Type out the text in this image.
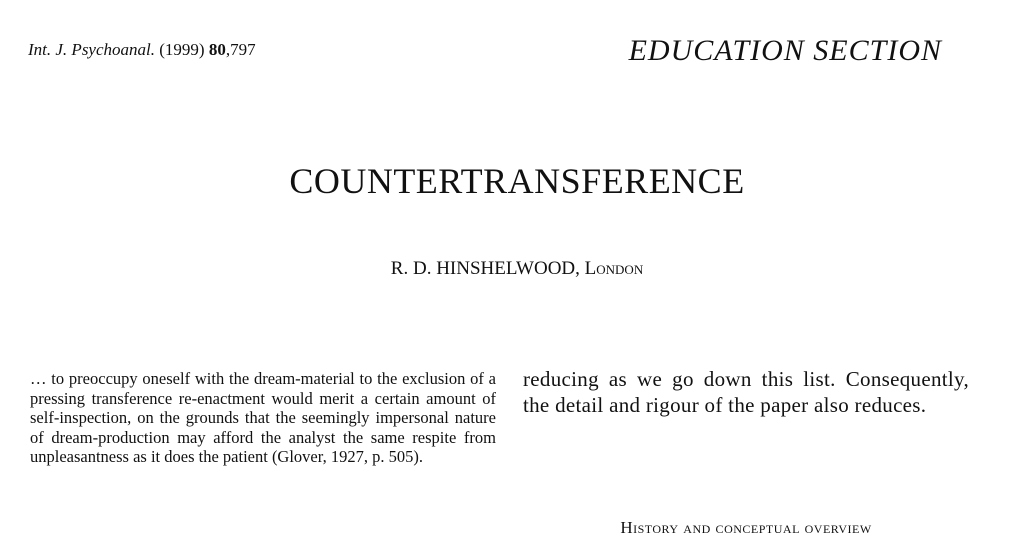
Int. J. Psychoanal. (1999) 80,797	EDUCATION SECTION
COUNTERTRANSFERENCE
R. D. HINSHELWOOD, London
… to preoccupy oneself with the dream-material to the exclusion of a pressing transference re-enactment would merit a certain amount of self-inspection, on the grounds that the seemingly impersonal nature of dream-production may afford the analyst the same respite from unpleasantness as it does the patient (Glover, 1927, p. 505).
reducing as we go down this list. Consequently, the detail and rigour of the paper also reduces.
History and conceptual overview
